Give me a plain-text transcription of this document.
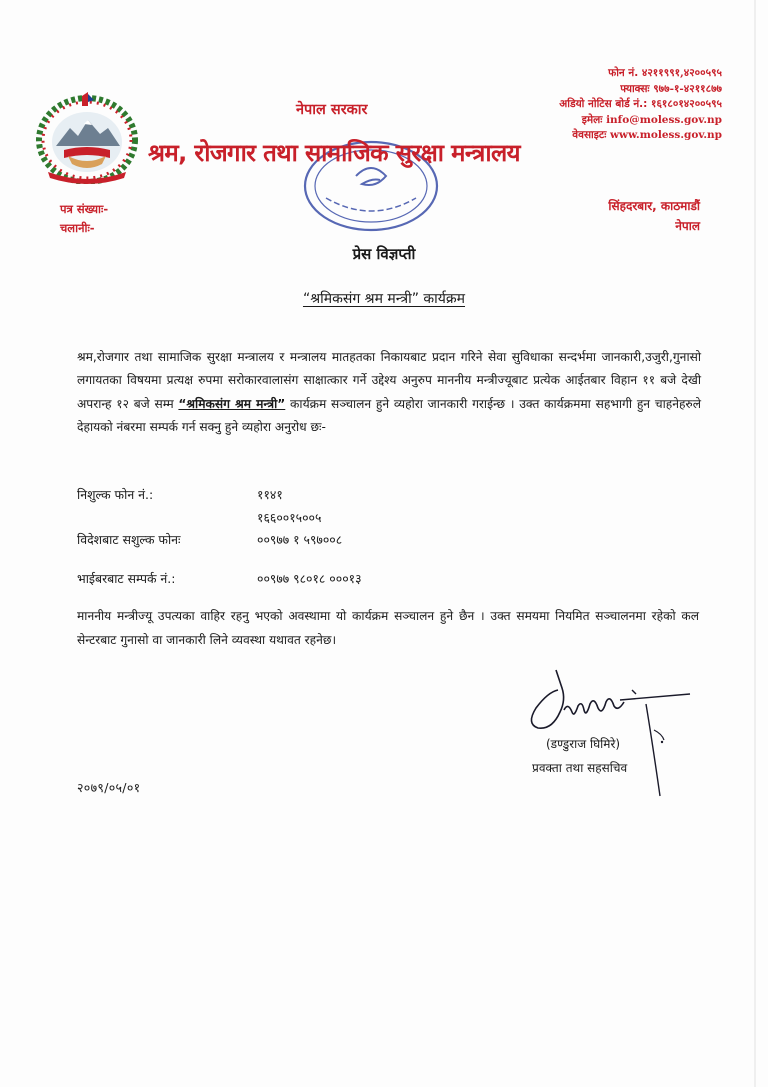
फोन नं. ४२११९९१,४२००५९५
फ्याक्सः ९७७-१-४२११८७७
अडियो नोटिस बोर्ड नं.: १६१८०१४२००५९५
इमेलः info@moless.gov.np
वेवसाइटः www.moless.gov.np
नेपाल सरकार
श्रम, रोजगार तथा सामाजिक सुरक्षा मन्त्रालय
पत्र संख्याः-
चलानीः-
सिंहदरबार, काठमाडौं
नेपाल
प्रेस विज्ञप्ती
“श्रमिकसंग श्रम मन्त्री” कार्यक्रम
श्रम,रोजगार तथा सामाजिक सुरक्षा मन्त्रालय र मन्त्रालय मातहतका निकायबाट प्रदान गरिने सेवा सुविधाका सन्दर्भमा जानकारी,उजुरी,गुनासो लगायतका विषयमा प्रत्यक्ष रुपमा सरोकारवालासंग साक्षात्कार गर्ने उद्देश्य अनुरुप माननीय मन्त्रीज्यूबाट प्रत्येक आईतबार विहान ११ बजे देखी अपरान्ह १२ बजे सम्म “श्रमिकसंग श्रम मन्त्री” कार्यक्रम सञ्चालन हुने व्यहोरा जानकारी गराईन्छ । उक्त कार्यक्रममा सहभागी हुन चाहनेहरुले देहायको नंबरमा सम्पर्क गर्न सक्नु हुने व्यहोरा अनुरोध छः-
निशुल्क फोन नं.:	११४१
१६६००१५००५
विदेशबाट सशुल्क फोनः	००९७७ १ ५९७००८
भाईबरबाट सम्पर्क नं.:	००९७७ ९८०१८ ०००१३
माननीय मन्त्रीज्यू उपत्यका वाहिर रहनु भएको अवस्थामा यो कार्यक्रम सञ्चालन हुने छैन । उक्त समयमा नियमित सञ्चालनमा रहेको कल सेन्टरबाट गुनासो वा जानकारी लिने व्यवस्था यथावत रहनेछ।
(डण्डुराज घिमिरे)
प्रवक्ता तथा सहसचिव
२०७९/०५/०१
